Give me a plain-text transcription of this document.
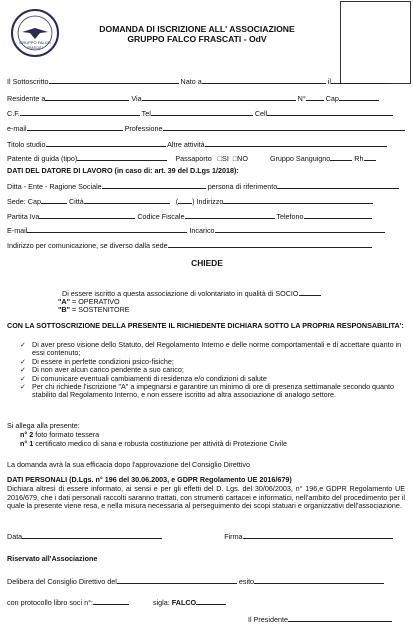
GRUPPO FALCO
FRASCATI
DOMANDA DI ISCRIZIONE ALL' ASSOCIAZIONE
GRUPPO FALCO FRASCATI - OdV
Il Sottoscritto	Nato a	il
Residente a	Via	N°	Cap
C.F.	Tel	Cell
e-mail	Professione
Titolo studio	Altre attività
Patente di guida (tipo)	Passaporto □SI □NO	Gruppo Sanguigno	Rh
DATI DEL DATORE DI LAVORO (in caso di: art. 39 del D.Lgs 1/2018):
Ditta - Ente - Ragione Sociale	persona di riferimento
Sede: Cap	Città	( ) Indirizzo
Partita Iva	Codice Fiscale	Telefono
E-mail	Incarico
Indirizzo per comunicazione, se diverso dalla sede
CHIEDE
Di essere iscritto a questa associazione di volontariato in qualità di SOCIO
"A" = OPERATIVO
"B" = SOSTENITORE
CON LA SOTTOSCRIZIONE DELLA PRESENTE IL RICHIEDENTE DICHIARA SOTTO LA PROPRIA RESPONSABILITA':
✓ Di aver preso visione dello Statuto, del Regolamento Interno e delle norme comportamentali e di accettare quanto in essi contenuto;
✓ Di essere in perfette condizioni psico-fisiche;
✓ Di non aver alcun carico pendente a suo carico;
✓ Di comunicare eventuali cambiamenti di residenza e/o condizioni di salute
✓ Per chi richiede l'iscrizione "A" a impegnarsi e garantire un minimo di ore di presenza settimanale secondo quanto stabilito dal Regolamento Interno, e non essere iscritto ad altra associazione di analogo settore.
Si allega alla presente:
n° 2 foto formato tessera
n° 1 certificato medico di sana e robusta costituzione per attività di Protezione Civile
La domanda avrà la sua efficacia dopo l'approvazione del Consiglio Direttivo
DATI PERSONALI (D.Lgs. n° 196 del 30.06.2003, e GDPR Regolamento UE 2016/679)
Dichiara altresì di essere informato, ai sensi e per gli effetti del D. Lgs. del 30/06/2003, n° 196,e GDPR Regolamento UE 2016/679, che i dati personali raccolti saranno trattati, con strumenti cartacei e informatici, nell'ambito del procedimento per il quale la presente viene resa, e nella misura necessaria al perseguimento dei scopi statuari e organizzativi dell'associazione.
Data	Firma
Riservato all'Associazione
Delibera del Consiglio Direttivo del	esito
con protocollo libro soci n°:	sigla: FALCO
Il Presidente
